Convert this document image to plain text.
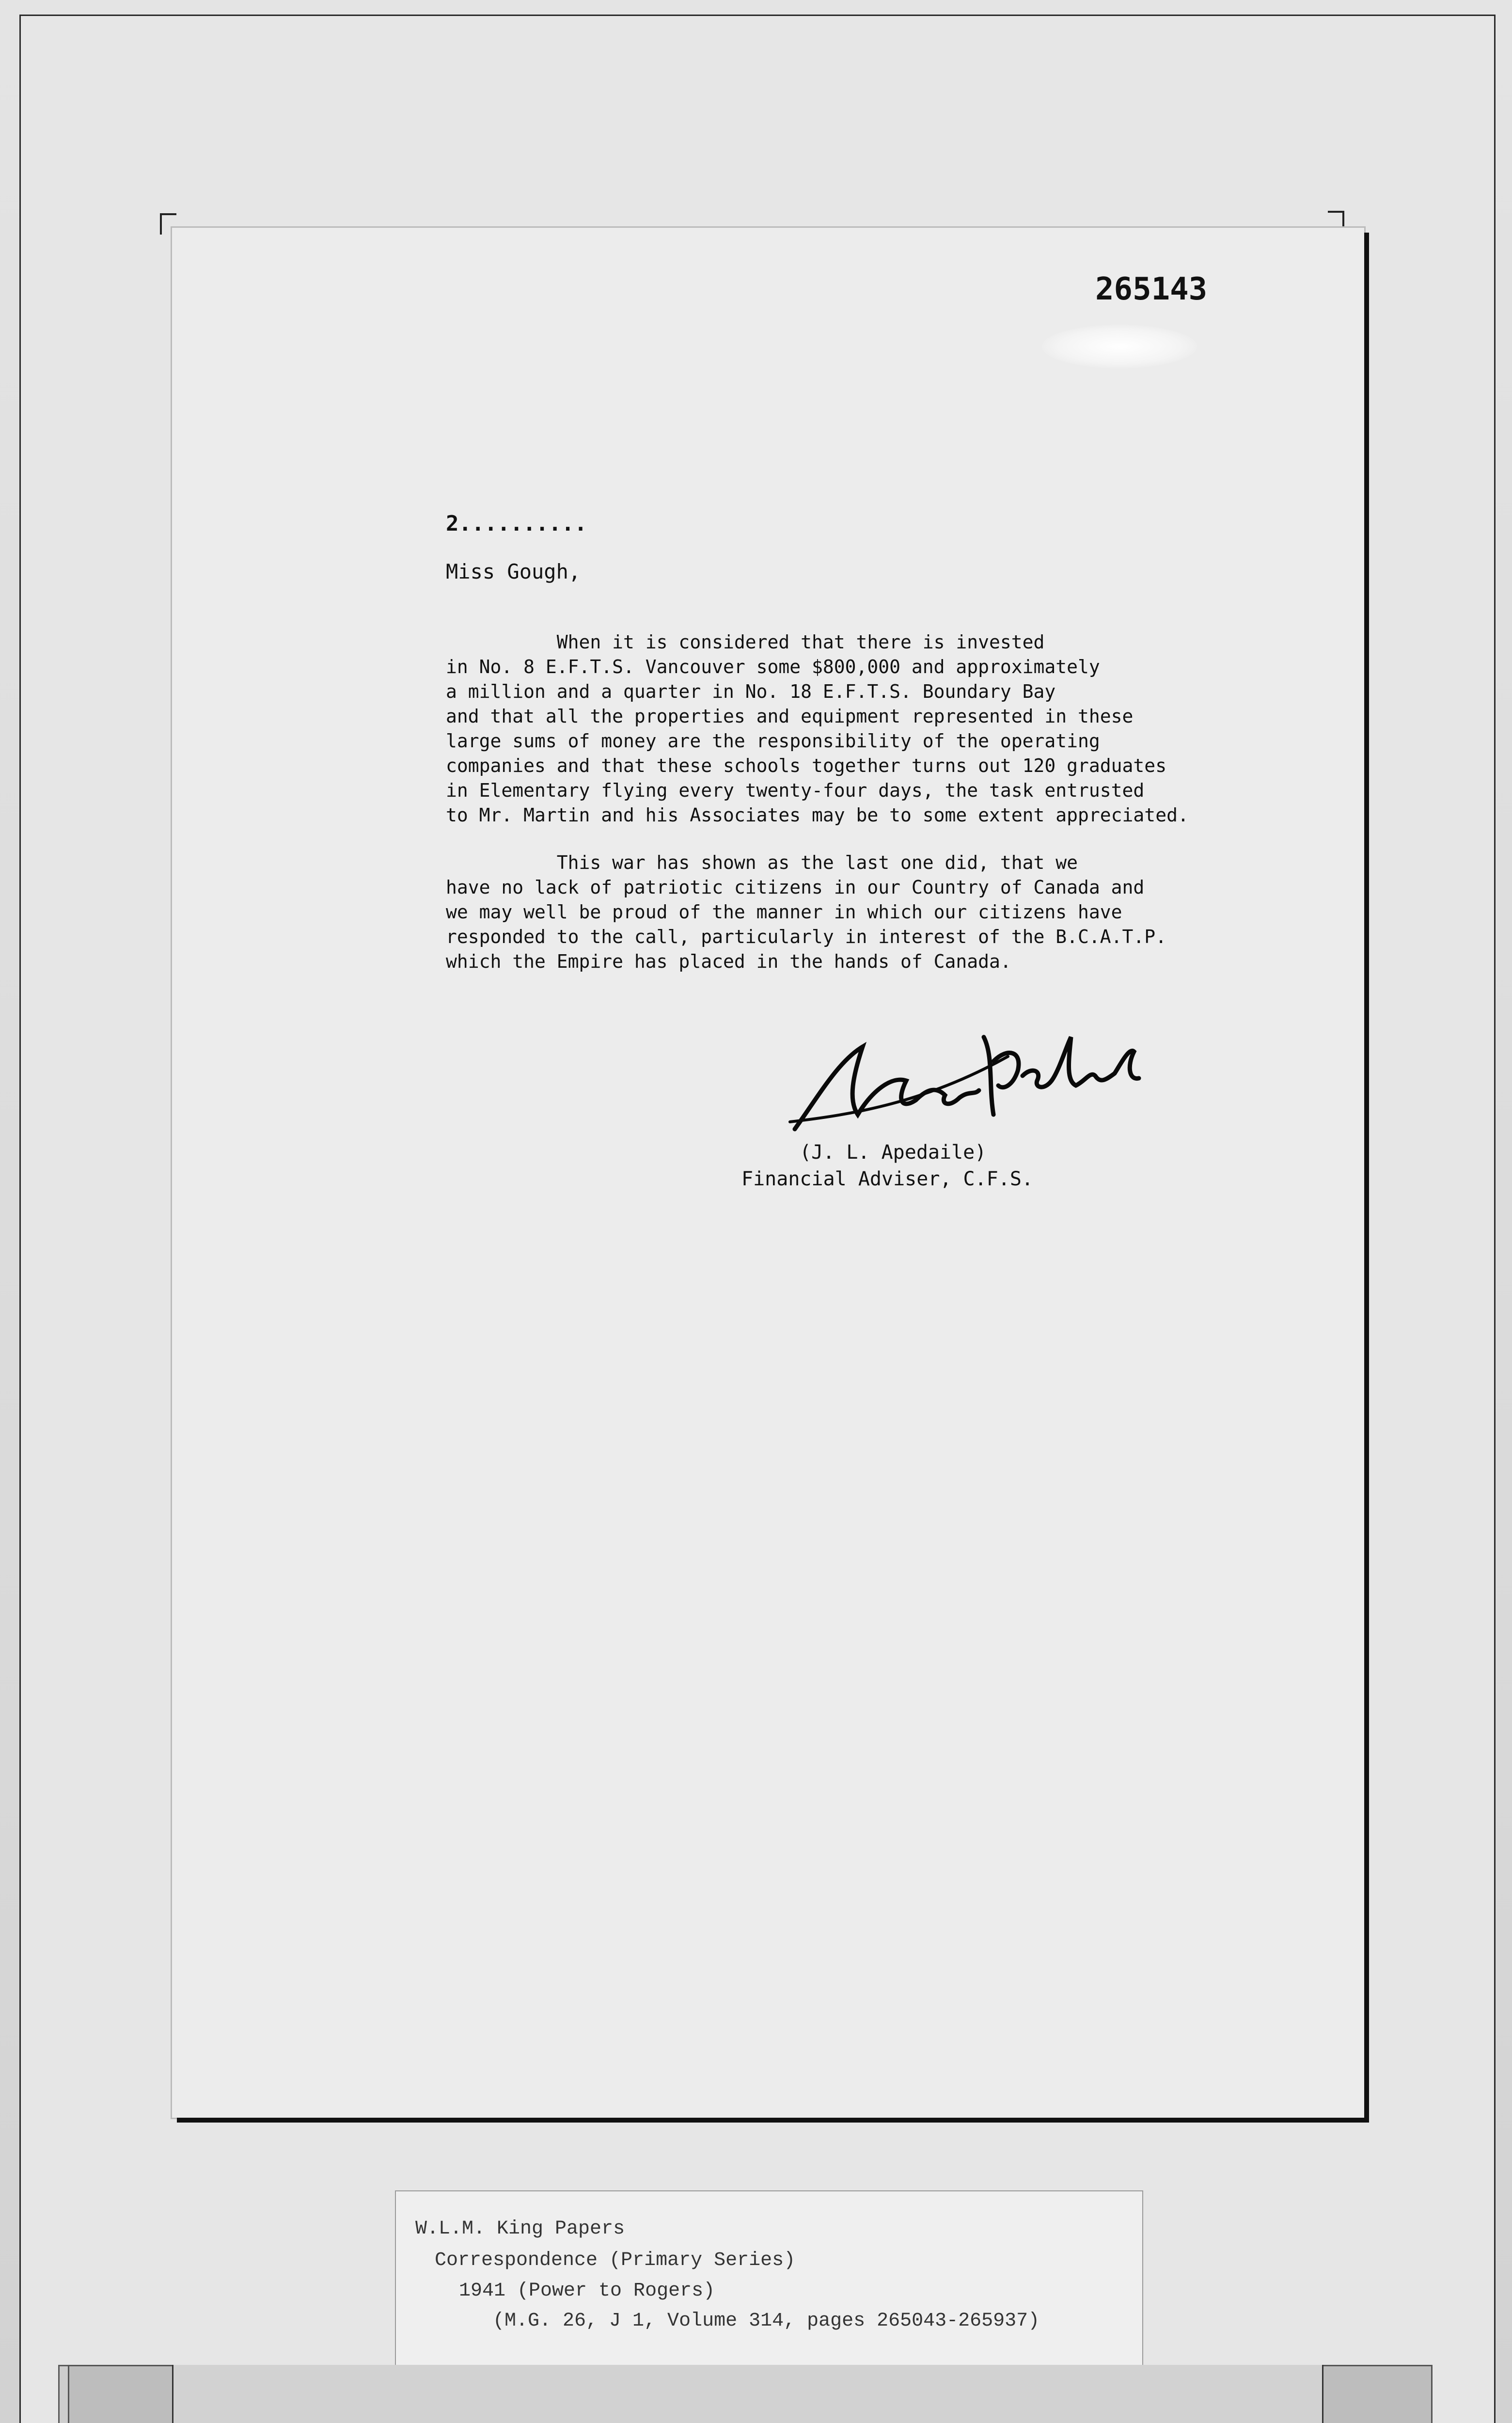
265143
2..........
Miss Gough,

When it is considered that there is invested
in No. 8 E.F.T.S. Vancouver some $800,000 and approximately
a million and a quarter in No. 18 E.F.T.S. Boundary Bay
and that all the properties and equipment represented in these
large sums of money are the responsibility of the operating
companies and that these schools together turns out 120 graduates
in Elementary flying every twenty-four days, the task entrusted
to Mr. Martin and his Associates may be to some extent appreciated.

This war has shown as the last one did, that we
have no lack of patriotic citizens in our Country of Canada and
we may well be proud of the manner in which our citizens have
responded to the call, particularly in interest of the B.C.A.T.P.
which the Empire has placed in the hands of Canada.

(J. L. Apedaile)
Financial Adviser, C.F.S.
W.L.M. King Papers
Correspondence (Primary Series)
1941 (Power to Rogers)
(M.G. 26, J 1, Volume 314, pages 265043-265937)
